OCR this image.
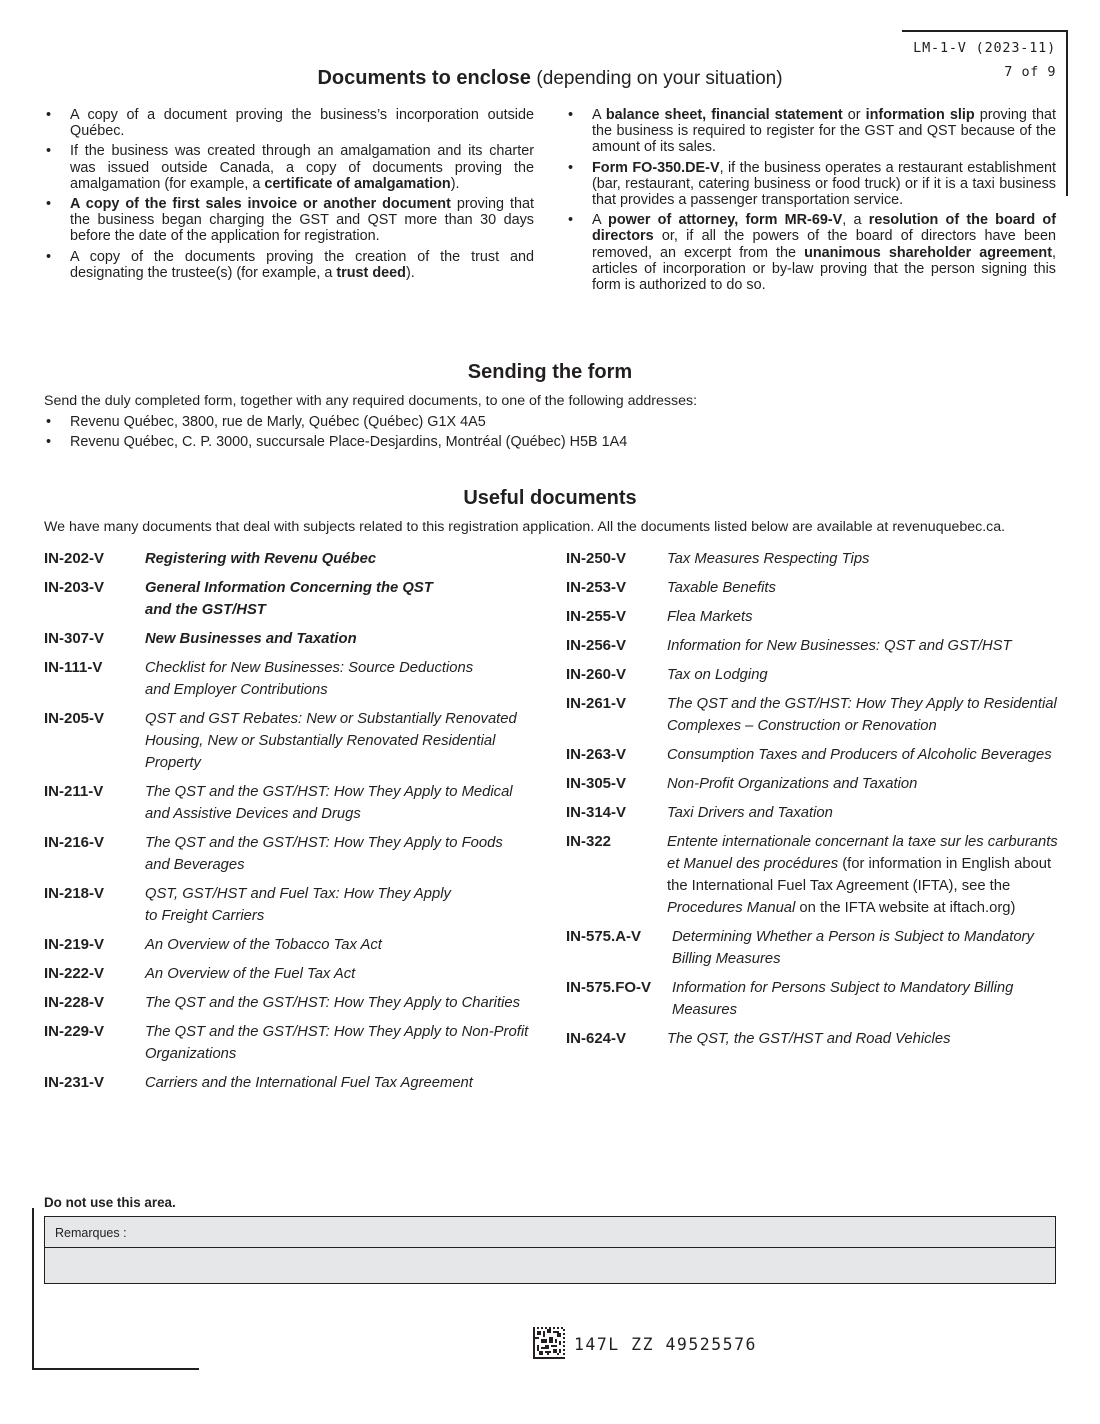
LM-1-V (2023-11)
7 of 9
Documents to enclose (depending on your situation)
• A copy of a document proving the business’s incorporation outside Québec.
• If the business was created through an amalgamation and its charter was issued outside Canada, a copy of documents proving the amalgamation (for example, a certificate of amalgamation).
• A copy of the first sales invoice or another document proving that the business began charging the GST and QST more than 30 days before the date of the application for registration.
• A copy of the documents proving the creation of the trust and designating the trustee(s) (for example, a trust deed).
• A balance sheet, financial statement or information slip proving that the business is required to register for the GST and QST because of the amount of its sales.
• Form FO-350.DE-V, if the business operates a restaurant establishment (bar, restaurant, catering business or food truck) or if it is a taxi business that provides a passenger transportation service.
• A power of attorney, form MR-69-V, a resolution of the board of directors or, if all the powers of the board of directors have been removed, an excerpt from the unanimous shareholder agreement, articles of incorporation or by-law proving that the person signing this form is authorized to do so.
Sending the form
Send the duly completed form, together with any required documents, to one of the following addresses:
• Revenu Québec, 3800, rue de Marly, Québec (Québec) G1X 4A5
• Revenu Québec, C. P. 3000, succursale Place-Desjardins, Montréal (Québec) H5B 1A4
Useful documents
We have many documents that deal with subjects related to this registration application. All the documents listed below are available at revenuquebec.ca.
IN-202-V	Registering with Revenu Québec
IN-203-V	General Information Concerning the QST
and the GST/HST
IN-307-V	New Businesses and Taxation
IN-111-V	Checklist for New Businesses: Source Deductions
and Employer Contributions
IN-205-V	QST and GST Rebates: New or Substantially Renovated
Housing, New or Substantially Renovated Residential
Property
IN-211-V	The QST and the GST/HST: How They Apply to Medical
and Assistive Devices and Drugs
IN-216-V	The QST and the GST/HST: How They Apply to Foods
and Beverages
IN-218-V	QST, GST/HST and Fuel Tax: How They Apply
to Freight Carriers
IN-219-V	An Overview of the Tobacco Tax Act
IN-222-V	An Overview of the Fuel Tax Act
IN-228-V	The QST and the GST/HST: How They Apply to Charities
IN-229-V	The QST and the GST/HST: How They Apply to Non-Profit
Organizations
IN-231-V	Carriers and the International Fuel Tax Agreement
IN-250-V	Tax Measures Respecting Tips
IN-253-V	Taxable Benefits
IN-255-V	Flea Markets
IN-256-V	Information for New Businesses: QST and GST/HST
IN-260-V	Tax on Lodging
IN-261-V	The QST and the GST/HST: How They Apply to Residential
Complexes – Construction or Renovation
IN-263-V	Consumption Taxes and Producers of Alcoholic Beverages
IN-305-V	Non-Profit Organizations and Taxation
IN-314-V	Taxi Drivers and Taxation
IN-322	Entente internationale concernant la taxe sur les carburants et Manuel des procédures (for information in English about the International Fuel Tax Agreement (IFTA), see the Procedures Manual on the IFTA website at iftach.org)
IN-575.A-V	Determining Whether a Person is Subject to Mandatory
Billing Measures
IN-575.FO-V	Information for Persons Subject to Mandatory Billing
Measures
IN-624-V	The QST, the GST/HST and Road Vehicles
Do not use this area.
Remarques :
147L ZZ 49525576
